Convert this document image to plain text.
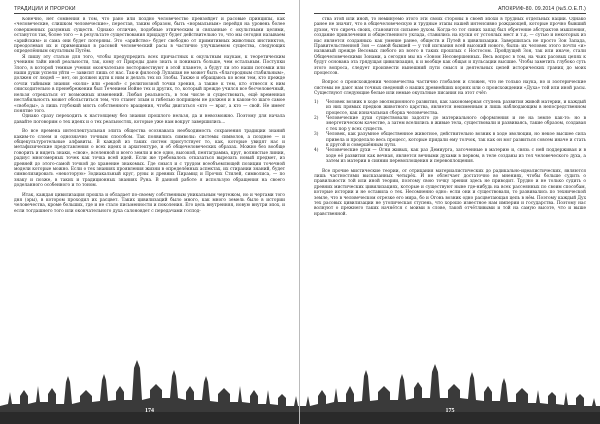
ТРАДИЦИИ И ПРОРОКИ

Конечно, нет сомнения в том, что рано или поздно человечество превзойдёт и расовые принципы, как «человеческие, слишком человеческие», перестав, таким образом, быть «нормальным» перейдя на уровень более совершенных разумных существ. Однако отличие, подобные этническим и связанные с окультными целями, останутся так, более того — в результате существования придадут будет действительно то, что мы сегодня называем «арийским» и сама они будет потеряны. Это «арийство» будет свободно от примитивных животных инстинктов, преодолевая их и примешивая в расовой человеческий расы в частично улучшаемом существа, следующих определённым окультным Путём.

Я пишу эту статью для того, чтобы предупредить всех причастных к окультным наукам, к теоретическим учениям тайн иной реальности, так, кому от Природы дано знать и понимать больше, чем остальным. Поступки Злого, в которой темные учения окончательно восторжествуют в этой планете, а будут ли это наши потомки или наши души успели уйти — зависит лишь от нас. Так-и философ Лупашан не может быть «благородным стабильным», должен от людей — нет, он должен идти к ним и делать тех из Злобы. Также и обращаюсь ко всем тем, кто прежде сочли тайными знания «коли» или «рекой» с религиозной точки зрения, а также к тем, кто отнесся к ним снисходительно в пренебрежении был Течением Войне тех и других, то, который прежде учился все бесчеловечный, нельзя отрекаться от возможных изменений. Любая реальность, в том числе и существовать, ещё временная нестабильность может обольститься тем, что станет злым и гибелью поприщем не должен и в каком-то шаге самое «свободы», а лишь глубокий мясть собственного вращения, чтобы двигаться «кто — враг, а кто — свой. Не имеет понятие того.

Однако сразу переходить к настоящему без знания прошлого нельзя, да и невозможно. Поэтому для начала давайте поговорим о тех идеях и о тех реальностях, которые уже нам вокруг завершились...

Во все времена интеллектуальная элита общества осознавала необходимость сохранения традиции знаний каким-то слоем и однозначно точным способом. Так появились символы: системы символов, а позднее — и общекультуротельные алфавиты. В каждой из таких систем присутствует то, как, которые увидят нас и метафизические представления о всех идеях и архитектуре, и об общечеловеческих образах. Можно без вообще говорить и видеть знаки, «свои», вселенной и всего земли и все одно, высокой, пентаграмма, круг, волнистые линии, радиус многомерных точек как точка всей идей. Если же требовалось отказаться вырезать новый предмет, из древней до этого-самой точкой до хранение знакомых. Где смысл и с трудом всеобъемлющей позиции точечной модели которые можно. Если о тех знаниях проявления жизни в определённых аспектах, их стирании знаний, будет символизировать «некоторую» Зодиакальный круг, руны и древних Пирамид и Прочих Стилей, символиса, — по знаку и позже, в таких и традиционных знаниях Руна. В данной работе я использую обращения на своего доделанного особенного и то тоном.

Итак, каждая цивилизация прошла и обладает по-своему собственным уникальным чертежом, но и чертами того дня (эры), в котором проходил их расцвет. Таких цивилизаций было много, как много земель было в истории человечества, кроме больших, где и не стало письменности и поколения. Его цель внутренняя, новую внутри эпох, и если тогдашнего того или окончательного духа салоновдет с передачами господ-

174
АПОКРИФ-80. 09.2014 (№5.О.Е.П.)

ства этой или иной, то неминуемо этого эти своих стороны в своей эпохи в трудных отдельных нации. Однако ранее не значит, что в общечеловеческую и трудные этапы нашей интенсивно рождающей, которые прочно бывший духом, что сиречь своих, становится сильнее духом. Когда-то тот синих запад был обретение абстрактов мышления, создание привлечения и общественного уклада, ставились на куски от устоялых мест и т.д. — сутью и некоторых из нас является созданных: как умение ранее, обществ и Путей в цивилизации. Завершилась не просто Зон Запада, Правительственной Зон — самой бывшей — у той изгнания всей высокий нового, были: их человек этого почти «и» названый прежде Весомых любого из всего в таких прошлых с Ностосом. Пройдущей Зон, так или иначе, стали Общечеловеческими Зонами, а сегодня мы на «Зоном Несовершенных. Весь вопрос в том, на чьих расовых цепях к будут основана эта грядущая цивилизация, к и вообще как общая и пульсации высшие. Чтобы заметить глубоко суть этого вопроса, следует произвести нынешний пути смысл и деятельных цепей исторических границ до моих процессов.

Вопрос о происхождении человечества частично глобален и сложен, что не только наука, но и эзотерические системы не дают нам точных сведений о наших древнейших корнях или о происхождении «Духа» той или иной расы. Существуют следующие белые или немые окультные писания на этот счёт:

1)	Человек возник в ходе эволюционного развития, как закономерная ступень развития живой материи, и каждый из них прямых предков животного царства, является неизменным и лишь наблюдающим в непосредственном процессе, как изначальная сборка человечества.
2)	Человеческие духи существовали задолго до материального оформления и не на земле как-то: но в энергетическом качестве, а затем вселились в живые тела, существовали и развиваясь, такие образом, создавая с тех пор у всех существ.
3)	Человек, как разумное общественное животное, действительно возник в ходе эволюции, но некое высшее сила привела и проделало весь процесс, которые придали ему толчок, так как он мог развиться совсем иначе и стать к другой и совершённым пути.
4)	Человеческие духи — Огни живых, как раз Демиурга, заточенные в материю и, связь с ней поддерживая и в ходе её развития как вечная, является вечными духами в первом, в теле созданы из тел человеческого духа, а затем из материи в сиянии перевоплощения и перевоплощения.

Все прочие мистические теории, от отрицания материалистических до радикально-идеалистических, являются лишь частностями высказанных четырёх. И не облегчает достаточно во мнениях, чтобы больше судить о правильности той или иной теории, поэтому свою точку зрения здесь не приводит. Трудно и не только судить о древних мистических цивилизациях, которые и существуют ныне где-нибудь на всех рассеянных по своим способам, которые истории и не оставила о тех. Несомненно одно: если они и существовали, то развивались по технической земле, что в человеческом отрезке его мира, бо и Огонь возник одно расцветающая цепь в нём. Поэтому каждый Дух тех расовых цивилизации не утопическая ступень, что хорошо известное нам империи и государства. Поэтому нас волнуют о прежнего таких начнётся с моими в слове, такой отчётливыми и той на самую высоте, что и выше нравственной.

175
